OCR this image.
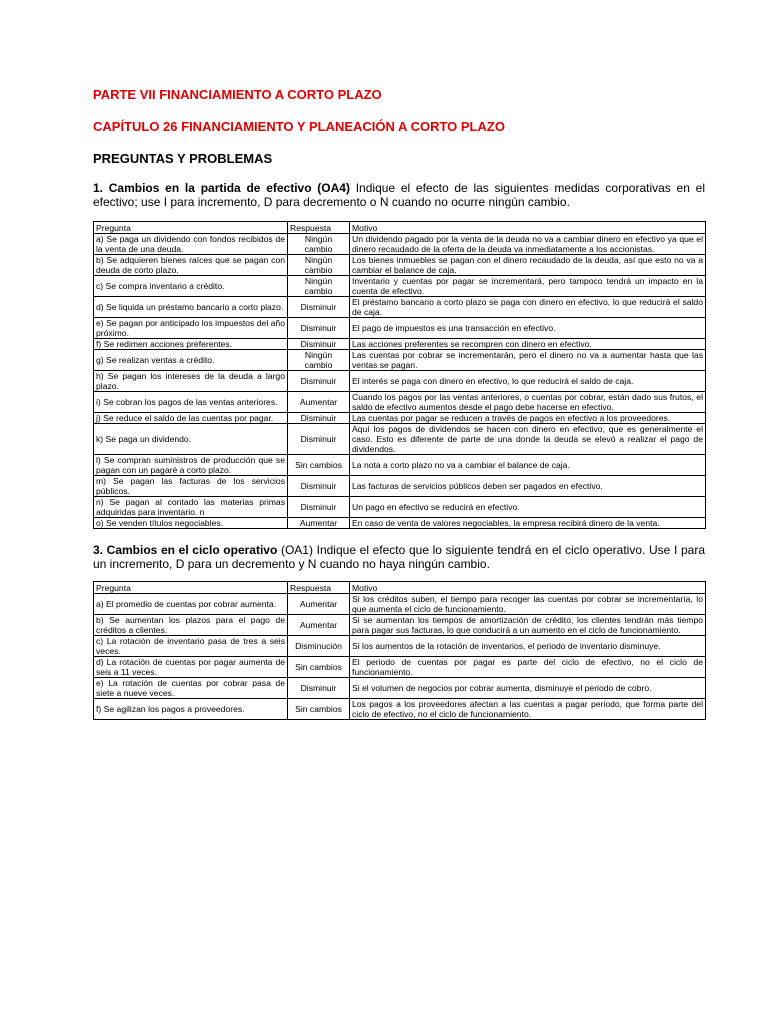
PARTE VII FINANCIAMIENTO A CORTO PLAZO

CAPÍTULO 26 FINANCIAMIENTO Y PLANEACIÓN A CORTO PLAZO

PREGUNTAS Y PROBLEMAS

1. Cambios en la partida de efectivo (OA4) Indique el efecto de las siguientes medidas corporativas en el efectivo; use I para incremento, D para decremento o N cuando no ocurre ningún cambio.

Pregunta	Respuesta	Motivo
a) Se paga un dividendo con fondos recibidos de la venta de una deuda.	Ningún cambio	Un dividendo pagado por la venta de la deuda no va a cambiar dinero en efectivo ya que el dinero recaudado de la oferta de la deuda va inmediatamente a los accionistas.
b) Se adquieren bienes raíces que se pagan con deuda de corto plazo.	Ningún cambio	Los bienes inmuebles se pagan con el dinero recaudado de la deuda, así que esto no va a cambiar el balance de caja.
c) Se compra inventario a crédito.	Ningún cambio	Inventario y cuentas por pagar se incrementará, pero tampoco tendrá un impacto en la cuenta de efectivo.
d) Se liquida un préstamo bancario a corto plazo.	Disminuir	El préstamo bancario a corto plazo se paga con dinero en efectivo, lo que reducirá el saldo de caja.
e) Se pagan por anticipado los impuestos del año próximo.	Disminuir	El pago de impuestos es una transacción en efectivo.
f) Se redimen acciones preferentes.	Disminuir	Las acciones preferentes se recompren con dinero en efectivo.
g) Se realizan ventas a crédito.	Ningún cambio	Las cuentas por cobrar se incrementarán, pero el dinero no va a aumentar hasta que las ventas se pagan.
h) Se pagan los intereses de la deuda a largo plazo.	Disminuir	El interés se paga con dinero en efectivo, lo que reducirá el saldo de caja.
i) Se cobran los pagos de las ventas anteriores.	Aumentar	Cuando los pagos por las ventas anteriores, o cuentas por cobrar, están dado sus frutos, el saldo de efectivo aumentos desde el pago debe hacerse en efectivo.
j) Se reduce el saldo de las cuentas por pagar.	Disminuir	Las cuentas por pagar se reducen a través de pagos en efectivo a los proveedores.
k) Se paga un dividendo.	Disminuir	Aquí los pagos de dividendos se hacen con dinero en efectivo, que es generalmente el caso. Esto es diferente de parte de una donde la deuda se elevó a realizar el pago de dividendos.
l) Se compran suministros de producción que se pagan con un pagaré a corto plazo.	Sin cambios	La nota a corto plazo no va a cambiar el balance de caja.
m) Se pagan las facturas de los servicios públicos.	Disminuir	Las facturas de servicios públicos deben ser pagados en efectivo.
n) Se pagan al contado las materias primas adquiridas para inventario. n	Disminuir	Un pago en efectivo se reducirá en efectivo.
o) Se venden títulos negociables.	Aumentar	En caso de venta de valores negociables, la empresa recibirá dinero de la venta.

3. Cambios en el ciclo operativo (OA1) Indique el efecto que lo siguiente tendrá en el ciclo operativo. Use I para un incremento, D para un decremento y N cuando no haya ningún cambio.

Pregunta	Respuesta	Motivo
a) El promedio de cuentas por cobrar aumenta.	Aumentar	Si los créditos suben, el tiempo para recoger las cuentas por cobrar se incrementaría, lo que aumenta el ciclo de funcionamiento.
b) Se aumentan los plazos para el pago de créditos a clientes.	Aumentar	Si se aumentan los tiempos de amortización de crédito, los clientes tendrán más tiempo para pagar sus facturas, lo que conducirá a un aumento en el ciclo de funcionamiento.
c) La rotación de inventario pasa de tres a seis veces.	Disminución	Si los aumentos de la rotación de inventarios, el periodo de inventario disminuye.
d) La rotación de cuentas por pagar aumenta de seis a 11 veces.	Sin cambios	El periodo de cuentas por pagar es parte del ciclo de efectivo, no el ciclo de funcionamiento.
e) La rotación de cuentas por cobrar pasa de siete a nueve veces.	Disminuir	Si el volumen de negocios por cobrar aumenta, disminuye el periodo de cobro.
f) Se agilizan los pagos a proveedores.	Sin cambios	Los pagos a los proveedores afectan a las cuentas a pagar periodo, que forma parte del ciclo de efectivo, no el ciclo de funcionamiento.
